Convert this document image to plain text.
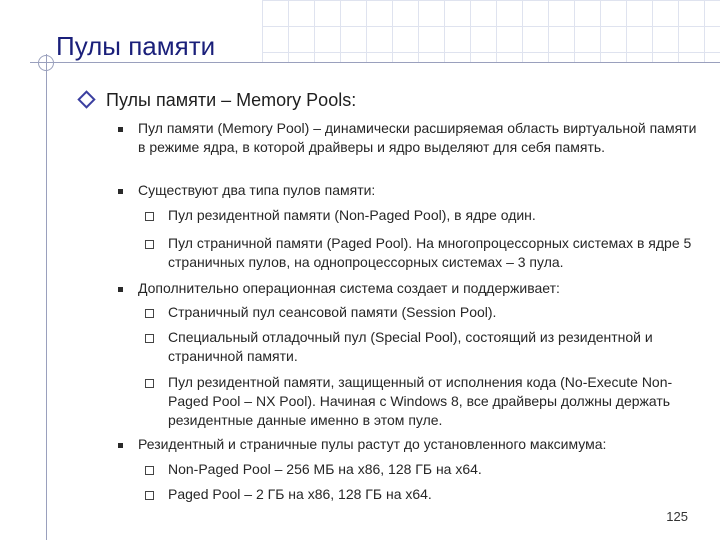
Пулы памяти
Пулы памяти – Memory Pools:
Пул памяти (Memory Pool) – динамически расширяемая область виртуальной памяти в режиме ядра, в которой драйверы и ядро выделяют для себя память.
Существуют два типа пулов памяти:
Пул резидентной памяти (Non-Paged Pool), в ядре один.
Пул страничной памяти (Paged Pool). На многопроцессорных системах в ядре 5 страничных пулов, на однопроцессорных системах – 3 пула.
Дополнительно операционная система создает и поддерживает:
Страничный пул сеансовой памяти (Session Pool).
Специальный отладочный пул (Special Pool), состоящий из резидентной и страничной памяти.
Пул резидентной памяти, защищенный от исполнения кода (No-Execute Non-Paged Pool – NX Pool). Начиная с Windows 8, все драйверы должны держать резидентные данные именно в этом пуле.
Резидентный и страничные пулы растут до установленного максимума:
Non-Paged Pool – 256 МБ на x86, 128 ГБ на x64.
Paged Pool – 2 ГБ на x86, 128 ГБ на x64.
125
